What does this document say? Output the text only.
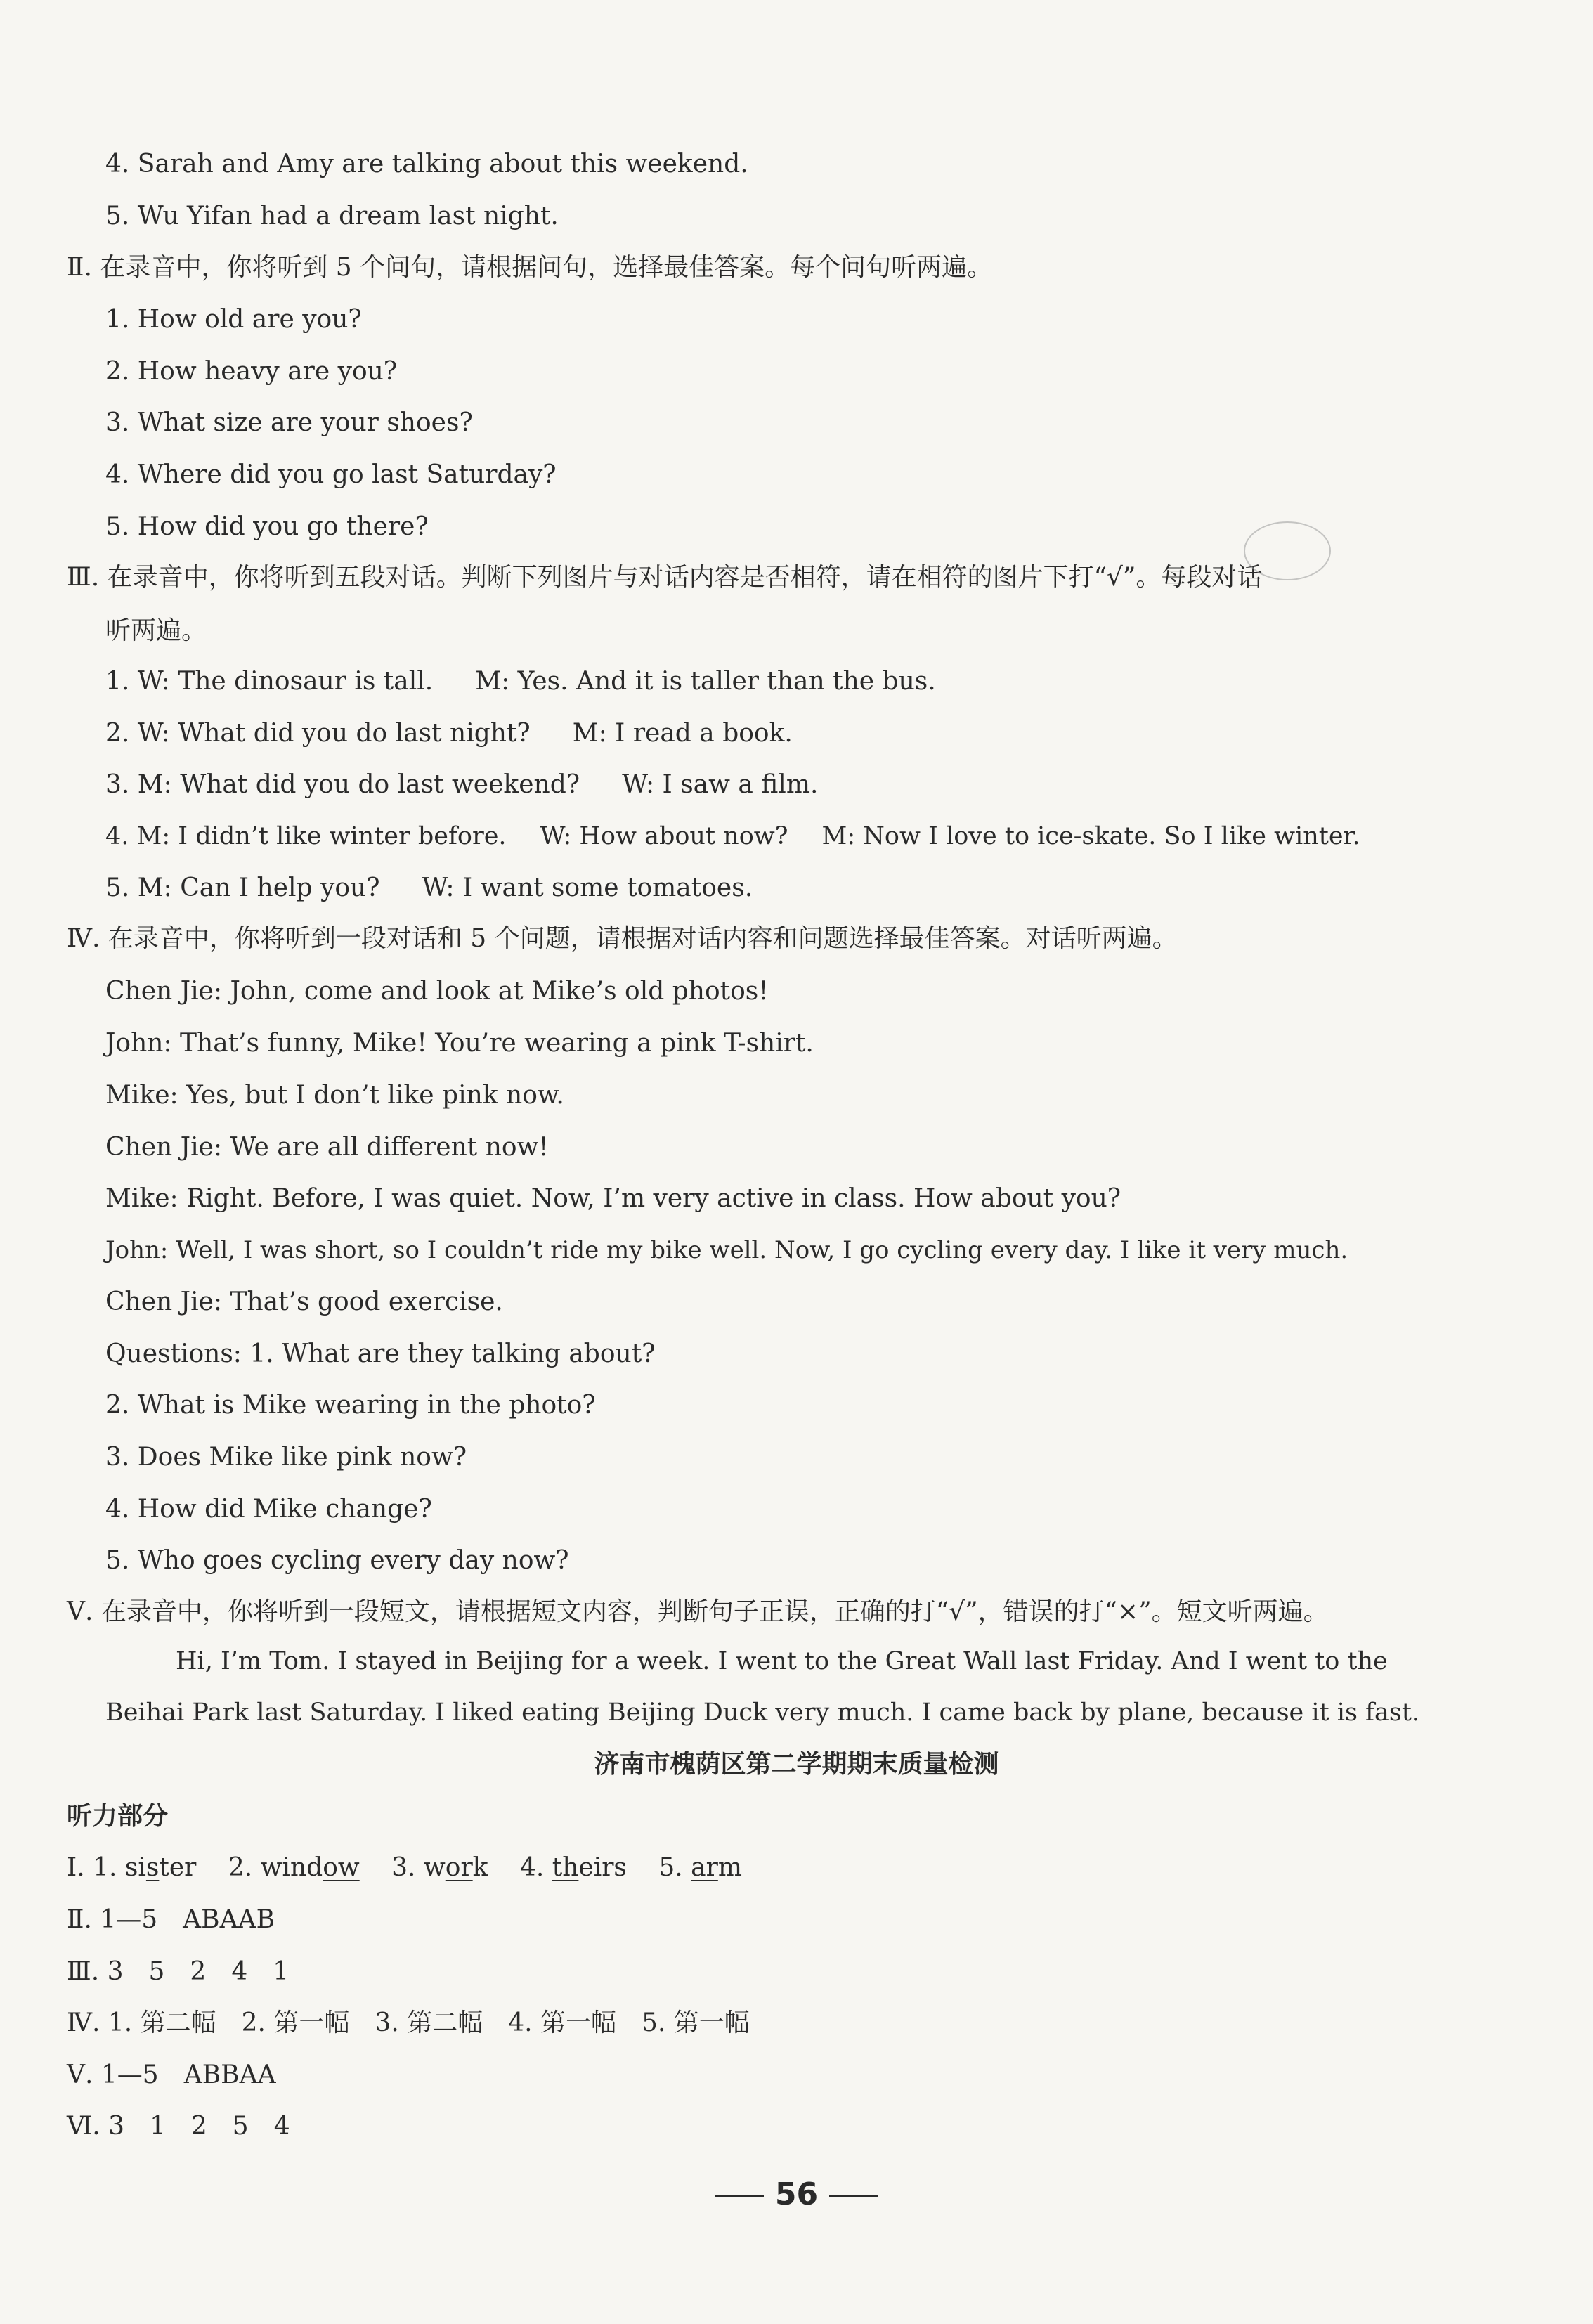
4. Sarah and Amy are talking about this weekend.
5. Wu Yifan had a dream last night.
Ⅱ. 在录音中，你将听到 5 个问句，请根据问句，选择最佳答案。每个问句听两遍。
1. How old are you?
2. How heavy are you?
3. What size are your shoes?
4. Where did you go last Saturday?
5. How did you go there?
Ⅲ. 在录音中，你将听到五段对话。判断下列图片与对话内容是否相符，请在相符的图片下打“√”。每段对话
听两遍。
1. W: The dinosaur is tall. M: Yes. And it is taller than the bus.
2. W: What did you do last night? M: I read a book.
3. M: What did you do last weekend? W: I saw a film.
4. M: I didn’t like winter before. W: How about now? M: Now I love to ice-skate. So I like winter.
5. M: Can I help you? W: I want some tomatoes.
Ⅳ. 在录音中，你将听到一段对话和 5 个问题，请根据对话内容和问题选择最佳答案。对话听两遍。
Chen Jie: John, come and look at Mike’s old photos!
John: That’s funny, Mike! You’re wearing a pink T-shirt.
Mike: Yes, but I don’t like pink now.
Chen Jie: We are all different now!
Mike: Right. Before, I was quiet. Now, I’m very active in class. How about you?
John: Well, I was short, so I couldn’t ride my bike well. Now, I go cycling every day. I like it very much.
Chen Jie: That’s good exercise.
Questions: 1. What are they talking about?
2. What is Mike wearing in the photo?
3. Does Mike like pink now?
4. How did Mike change?
5. Who goes cycling every day now?
Ⅴ. 在录音中，你将听到一段短文，请根据短文内容，判断句子正误，正确的打“√”，错误的打“×”。短文听两遍。
Hi, I’m Tom. I stayed in Beijing for a week. I went to the Great Wall last Friday. And I went to the
Beihai Park last Saturday. I liked eating Beijing Duck very much. I came back by plane, because it is fast.
济南市槐荫区第二学期期末质量检测
听力部分
Ⅰ. 1. sister 2. window 3. work 4. theirs 5. arm
Ⅱ. 1—5　ABAAB
Ⅲ. 3　5　2　4　1
Ⅳ. 1. 第二幅　2. 第一幅　3. 第二幅　4. 第一幅　5. 第一幅
Ⅴ. 1—5　ABBAA
Ⅵ. 3　1　2　5　4
56
